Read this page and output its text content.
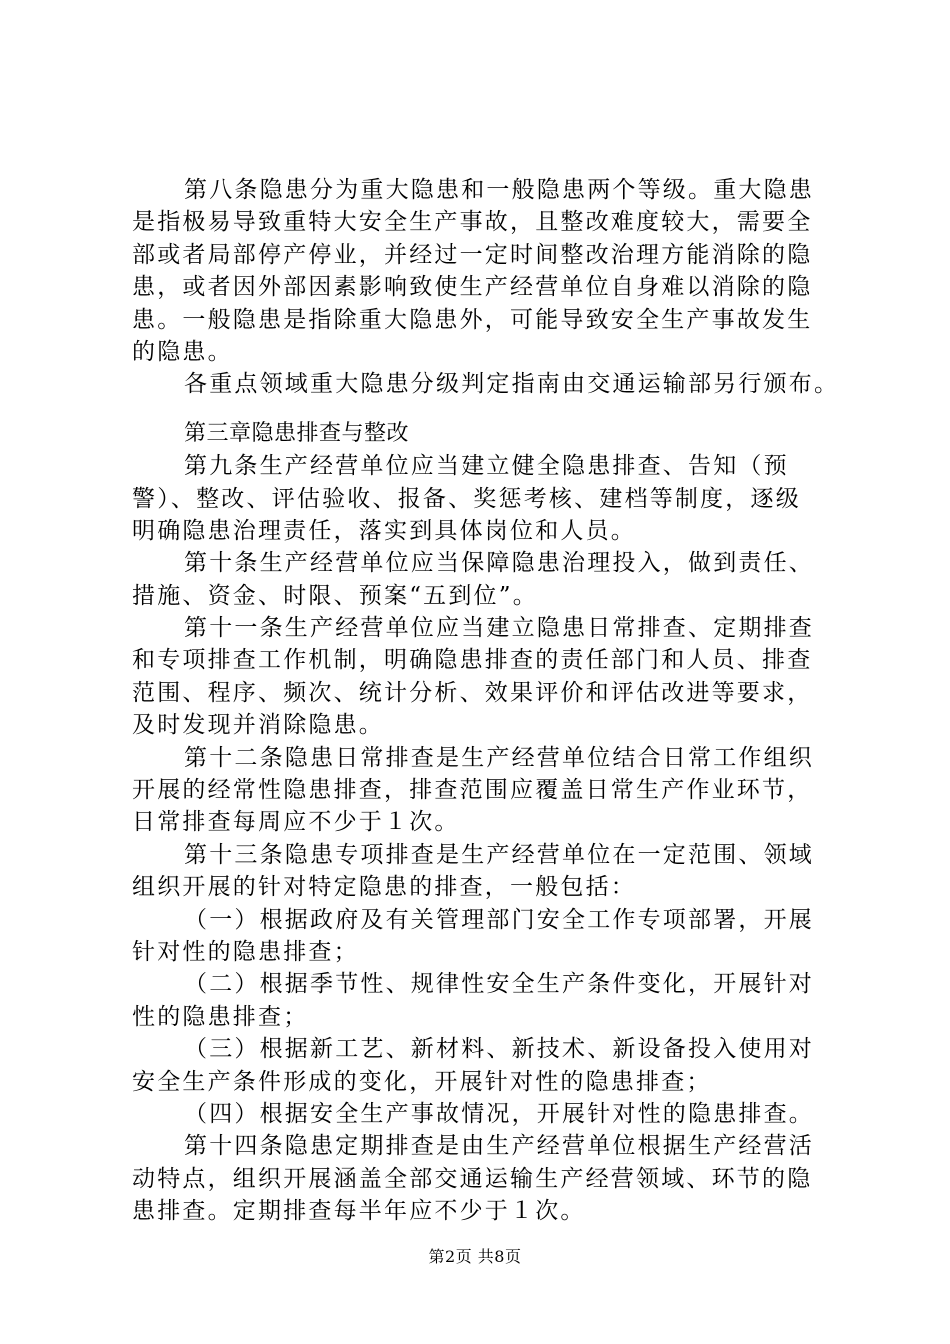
第八条隐患分为重大隐患和一般隐患两个等级。重大隐患
是指极易导致重特大安全生产事故，且整改难度较大，需要全
部或者局部停产停业，并经过一定时间整改治理方能消除的隐
患，或者因外部因素影响致使生产经营单位自身难以消除的隐
患。一般隐患是指除重大隐患外，可能导致安全生产事故发生
的隐患。
各重点领域重大隐患分级判定指南由交通运输部另行颁布。
第三章隐患排查与整改
第九条生产经营单位应当建立健全隐患排查、告知（预
警）、整改、评估验收、报备、奖惩考核、建档等制度，逐级
明确隐患治理责任，落实到具体岗位和人员。
第十条生产经营单位应当保障隐患治理投入，做到责任、
措施、资金、时限、预案“五到位”。
第十一条生产经营单位应当建立隐患日常排查、定期排查
和专项排查工作机制，明确隐患排查的责任部门和人员、排查
范围、程序、频次、统计分析、效果评价和评估改进等要求，
及时发现并消除隐患。
第十二条隐患日常排查是生产经营单位结合日常工作组织
开展的经常性隐患排查，排查范围应覆盖日常生产作业环节，
日常排查每周应不少于１次。
第十三条隐患专项排查是生产经营单位在一定范围、领域
组织开展的针对特定隐患的排查，一般包括：
（一）根据政府及有关管理部门安全工作专项部署，开展
针对性的隐患排查；
（二）根据季节性、规律性安全生产条件变化，开展针对
性的隐患排查；
（三）根据新工艺、新材料、新技术、新设备投入使用对
安全生产条件形成的变化，开展针对性的隐患排查；
（四）根据安全生产事故情况，开展针对性的隐患排查。
第十四条隐患定期排查是由生产经营单位根据生产经营活
动特点，组织开展涵盖全部交通运输生产经营领域、环节的隐
患排查。定期排查每半年应不少于１次。
第2页 共8页
